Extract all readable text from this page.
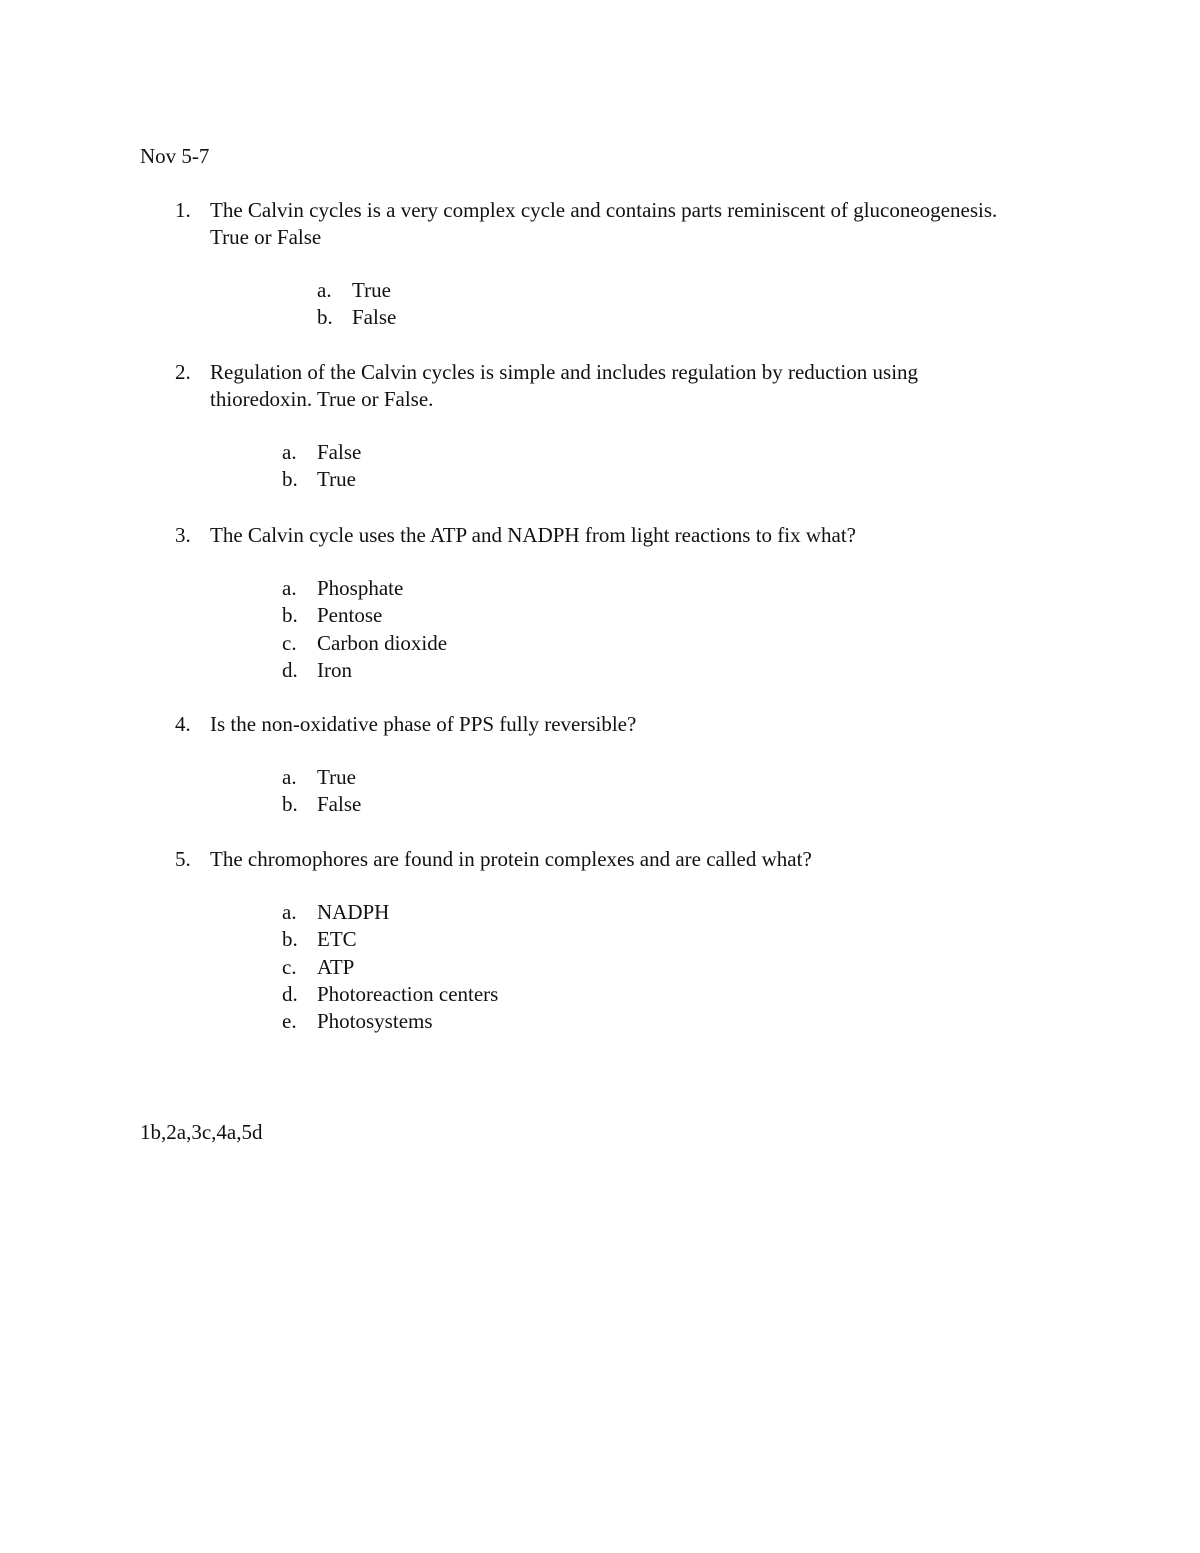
Nov 5-7
1. The Calvin cycles is a very complex cycle and contains parts reminiscent of gluconeogenesis. True or False
a. True
b. False
2. Regulation of the Calvin cycles is simple and includes regulation by reduction using thioredoxin. True or False.
a. False
b. True
3. The Calvin cycle uses the ATP and NADPH from light reactions to fix what?
a. Phosphate
b. Pentose
c. Carbon dioxide
d. Iron
4. Is the non-oxidative phase of PPS fully reversible?
a. True
b. False
5. The chromophores are found in protein complexes and are called what?
a. NADPH
b. ETC
c. ATP
d. Photoreaction centers
e. Photosystems
1b,2a,3c,4a,5d
